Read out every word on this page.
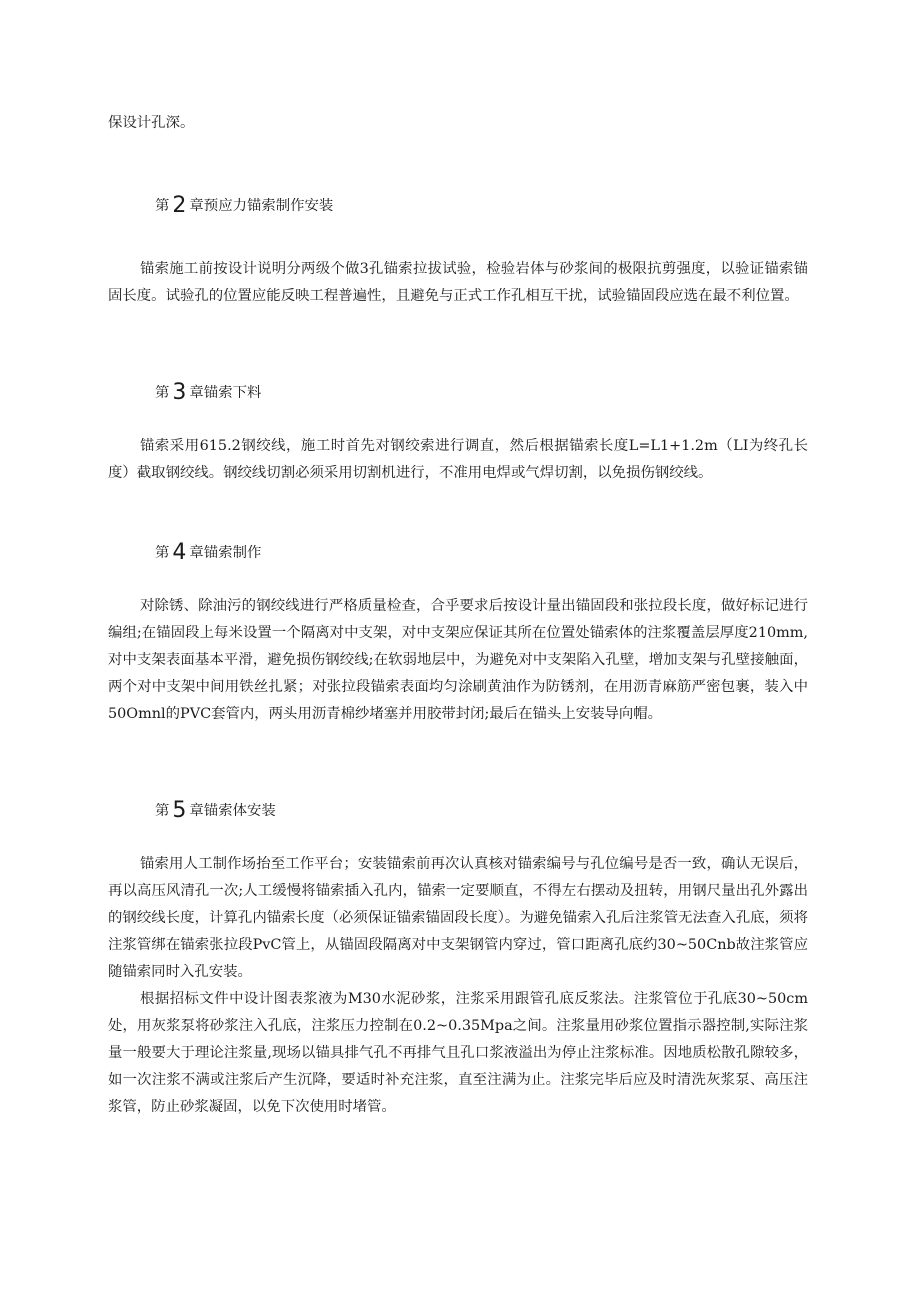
保设计孔深。

第 2 章预应力锚索制作安装

锚索施工前按设计说明分两级个做3孔锚索拉拔试验，检验岩体与砂浆间的极限抗剪强度，以验证锚索锚固长度。试验孔的位置应能反映工程普遍性，且避免与正式工作孔相互干扰，试验锚固段应选在最不利位置。

第 3 章锚索下料

锚索采用615.2钢绞线，施工时首先对钢绞索进行调直，然后根据锚索长度L=L1+1.2m（LI为终孔长度）截取钢绞线。钢绞线切割必须采用切割机进行，不准用电焊或气焊切割，以免损伤钢绞线。

第 4 章锚索制作

对除锈、除油污的钢绞线进行严格质量检查，合乎要求后按设计量出锚固段和张拉段长度，做好标记进行编组;在锚固段上每米设置一个隔离对中支架，对中支架应保证其所在位置处锚索体的注浆覆盖层厚度210mm,对中支架表面基本平滑，避免损伤钢绞线;在软弱地层中，为避免对中支架陷入孔壁，增加支架与孔壁接触面，两个对中支架中间用铁丝扎紧；对张拉段锚索表面均匀涂刷黄油作为防锈剂，在用沥青麻筋严密包裹，装入中50Omnl的PVC套管内，两头用沥青棉纱堵塞并用胶带封闭;最后在锚头上安装导向帽。

第 5 章锚索体安装

锚索用人工制作场抬至工作平台；安装锚索前再次认真核对锚索编号与孔位编号是否一致，确认无误后，再以高压风清孔一次;人工缓慢将锚索插入孔内，锚索一定要顺直，不得左右摆动及扭转，用钢尺量出孔外露出的钢绞线长度，计算孔内锚索长度（必须保证锚索锚固段长度）。为避免锚索入孔后注浆管无法查入孔底，须将注浆管绑在锚索张拉段PvC管上，从锚固段隔离对中支架钢管内穿过，管口距离孔底约30~50Cnb故注浆管应随锚索同时入孔安装。

根据招标文件中设计图表浆液为M30水泥砂浆，注浆采用跟管孔底反浆法。注浆管位于孔底30~50cm处，用灰浆泵将砂浆注入孔底，注浆压力控制在0.2~0.35Mpa之间。注浆量用砂浆位置指示器控制,实际注浆量一般要大于理论注浆量,现场以锚具排气孔不再排气且孔口浆液溢出为停止注浆标准。因地质松散孔隙较多，如一次注浆不满或注浆后产生沉降，要适时补充注浆，直至注满为止。注浆完毕后应及时清洗灰浆泵、高压注浆管，防止砂浆凝固，以免下次使用时堵管。
